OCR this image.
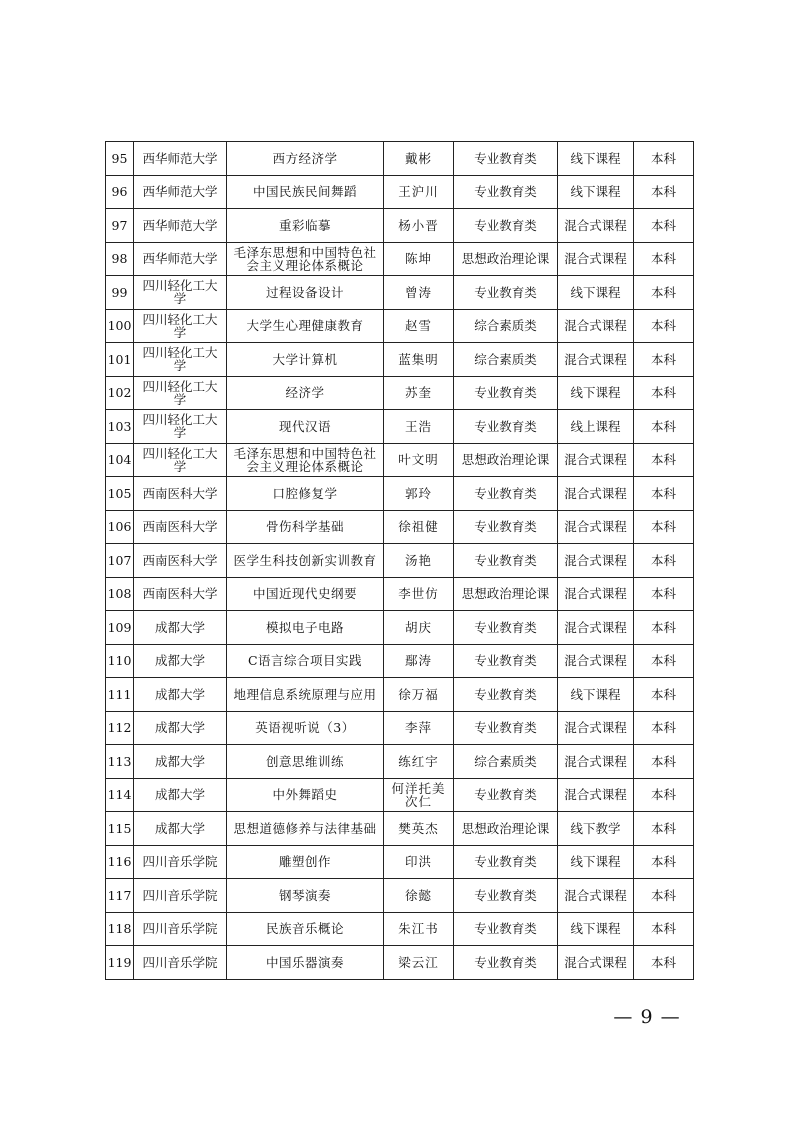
95	西华师范大学	西方经济学	戴彬	专业教育类	线下课程	本科
96	西华师范大学	中国民族民间舞蹈	王沪川	专业教育类	线下课程	本科
97	西华师范大学	重彩临摹	杨小晋	专业教育类	混合式课程	本科
98	西华师范大学	毛泽东思想和中国特色社会主义理论体系概论	陈坤	思想政治理论课	混合式课程	本科
99	四川轻化工大学	过程设备设计	曾涛	专业教育类	线下课程	本科
100	四川轻化工大学	大学生心理健康教育	赵雪	综合素质类	混合式课程	本科
101	四川轻化工大学	大学计算机	蓝集明	综合素质类	混合式课程	本科
102	四川轻化工大学	经济学	苏奎	专业教育类	线下课程	本科
103	四川轻化工大学	现代汉语	王浩	专业教育类	线上课程	本科
104	四川轻化工大学	毛泽东思想和中国特色社会主义理论体系概论	叶文明	思想政治理论课	混合式课程	本科
105	西南医科大学	口腔修复学	郭玲	专业教育类	混合式课程	本科
106	西南医科大学	骨伤科学基础	徐祖健	专业教育类	混合式课程	本科
107	西南医科大学	医学生科技创新实训教育	汤艳	专业教育类	混合式课程	本科
108	西南医科大学	中国近现代史纲要	李世仿	思想政治理论课	混合式课程	本科
109	成都大学	模拟电子电路	胡庆	专业教育类	混合式课程	本科
110	成都大学	C语言综合项目实践	鄢涛	专业教育类	混合式课程	本科
111	成都大学	地理信息系统原理与应用	徐万福	专业教育类	线下课程	本科
112	成都大学	英语视听说（3）	李萍	专业教育类	混合式课程	本科
113	成都大学	创意思维训练	练红宇	综合素质类	混合式课程	本科
114	成都大学	中外舞蹈史	何洋托美次仁	专业教育类	混合式课程	本科
115	成都大学	思想道德修养与法律基础	樊英杰	思想政治理论课	线下教学	本科
116	四川音乐学院	雕塑创作	印洪	专业教育类	线下课程	本科
117	四川音乐学院	钢琴演奏	徐懿	专业教育类	混合式课程	本科
118	四川音乐学院	民族音乐概论	朱江书	专业教育类	线下课程	本科
119	四川音乐学院	中国乐器演奏	梁云江	专业教育类	混合式课程	本科
— 9 —
